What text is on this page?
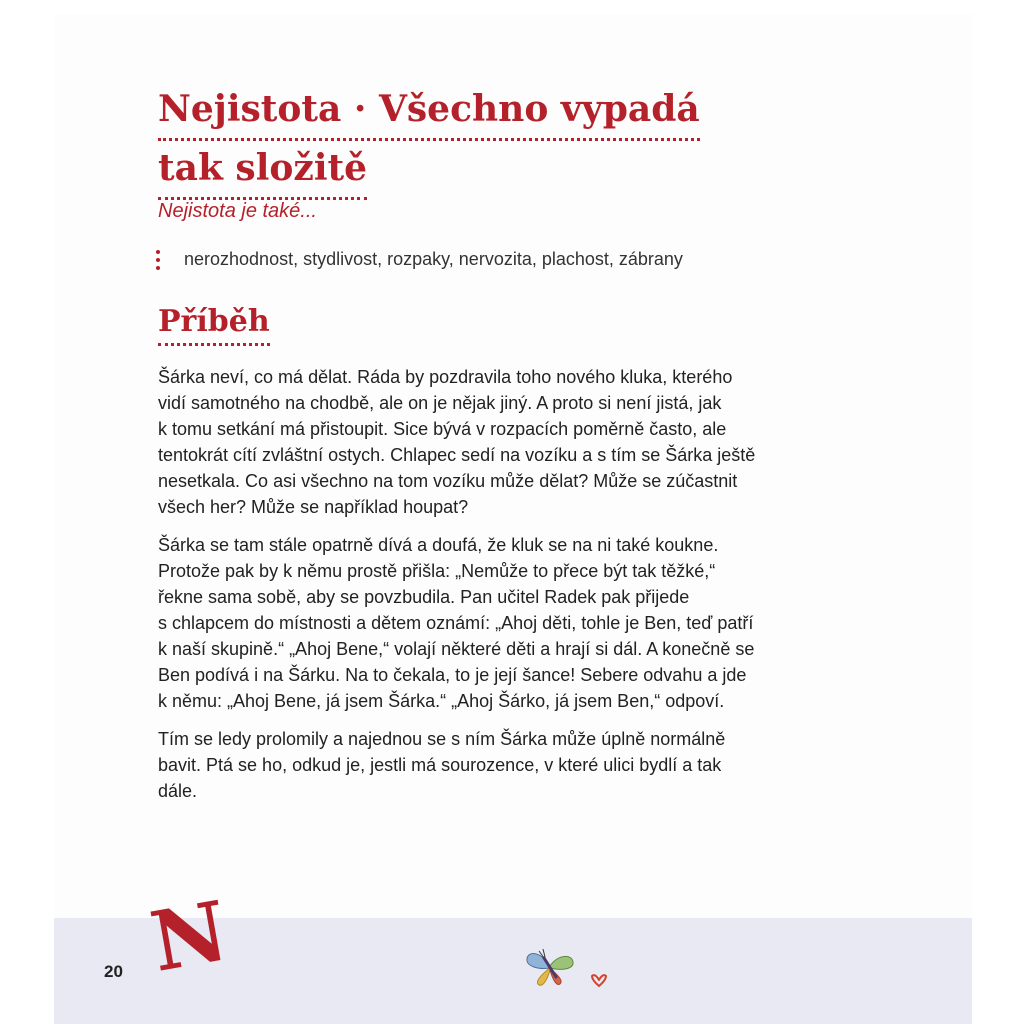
Nejistota · Všechno vypadá
tak složitě

Nejistota je také...

nerozhodnost, stydlivost, rozpaky, nervozita, plachost, zábrany
Příběh

Šárka neví, co má dělat. Ráda by pozdravila toho nového kluka, kterého
vidí samotného na chodbě, ale on je nějak jiný. A proto si není jistá, jak
k tomu setkání má přistoupit. Sice bývá v rozpacích poměrně často, ale
tentokrát cítí zvláštní ostych. Chlapec sedí na vozíku a s tím se Šárka ještě
nesetkala. Co asi všechno na tom vozíku může dělat? Může se zúčastnit
všech her? Může se například houpat?

Šárka se tam stále opatrně dívá a doufá, že kluk se na ni také koukne.
Protože pak by k němu prostě přišla: „Nemůže to přece být tak těžké,“
řekne sama sobě, aby se povzbudila. Pan učitel Radek pak přijede
s chlapcem do místnosti a dětem oznámí: „Ahoj děti, tohle je Ben, teď patří
k naší skupině.“ „Ahoj Bene,“ volají některé děti a hrají si dál. A konečně se
Ben podívá i na Šárku. Na to čekala, to je její šance! Sebere odvahu a jde
k němu: „Ahoj Bene, já jsem Šárka.“ „Ahoj Šárko, já jsem Ben,“ odpoví.

Tím se ledy prolomily a najednou se s ním Šárka může úplně normálně
bavit. Ptá se ho, odkud je, jestli má sourozence, v které ulici bydlí a tak
dále.

20 N
